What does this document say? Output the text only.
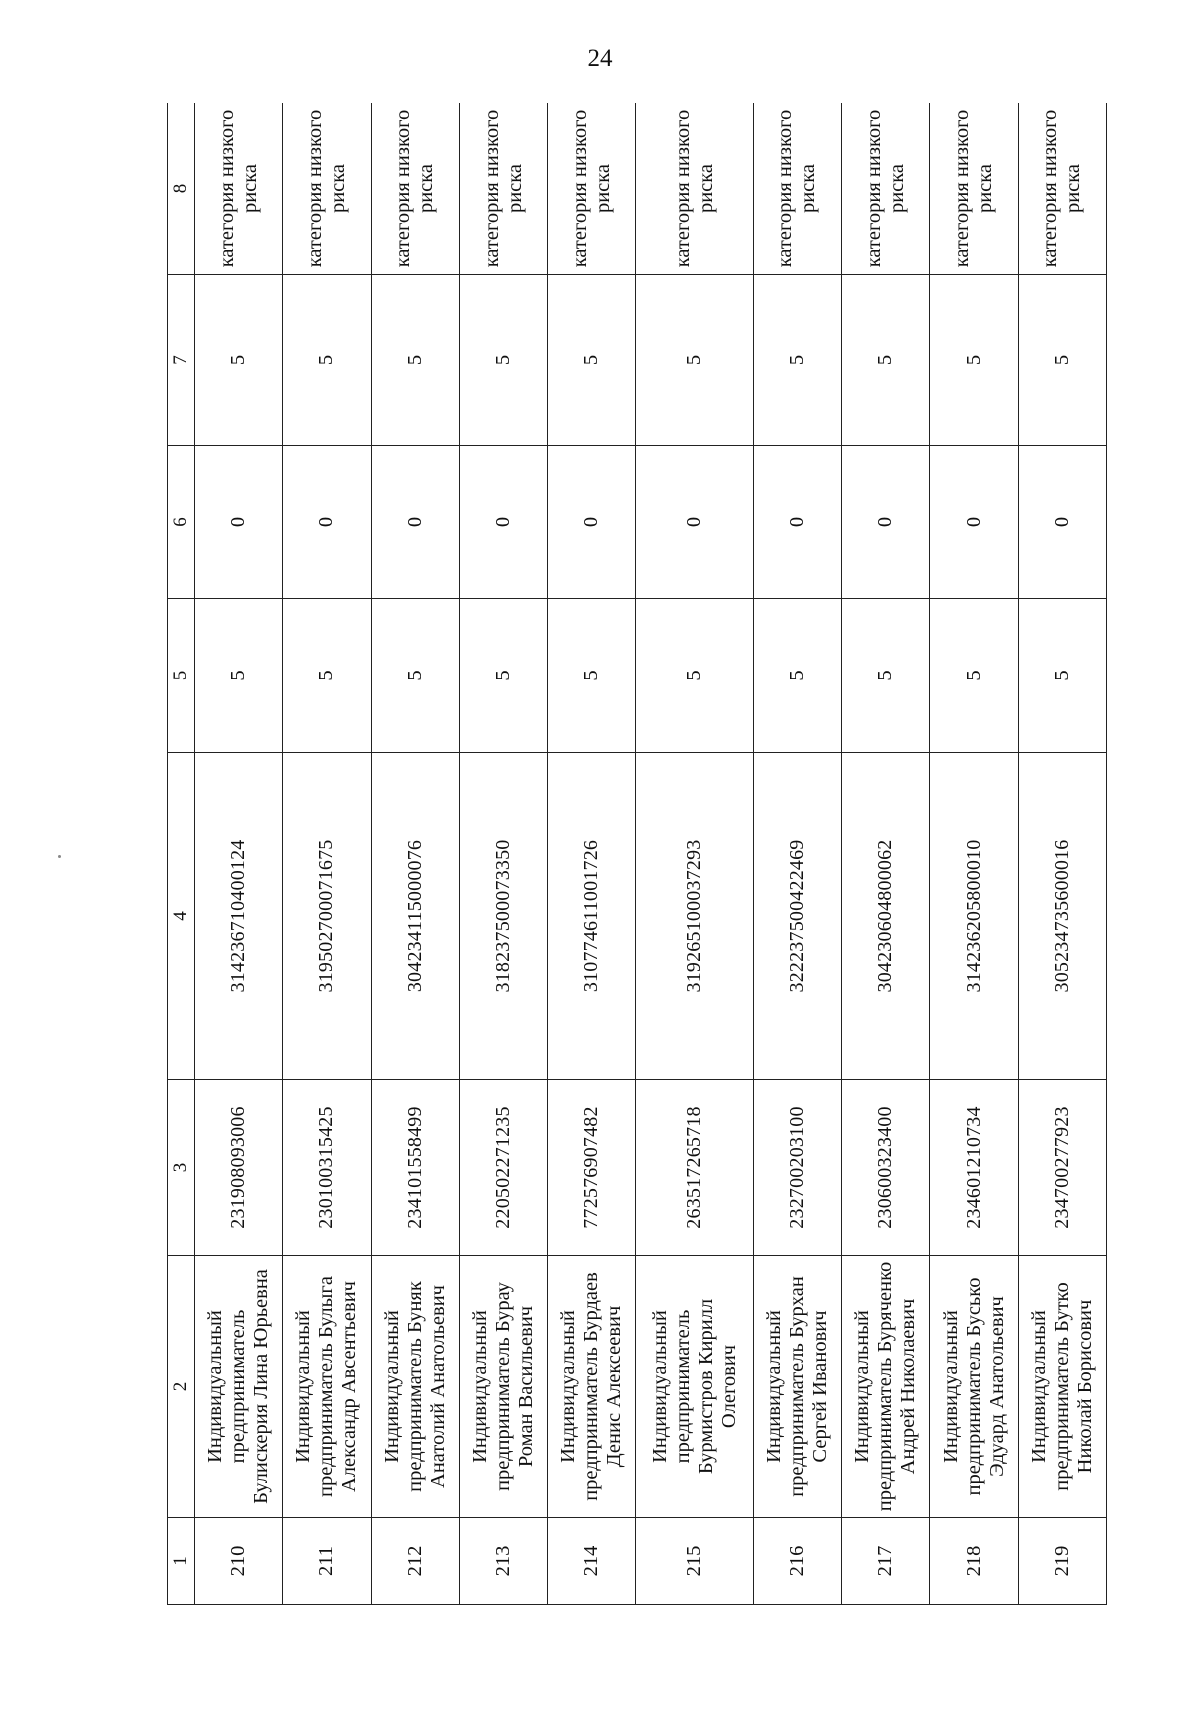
24
1	2	3	4	5	6	7	8
210	Индивидуальный предприниматель Булискерия Лина Юрьевна	231908093006	314236710400124	5	0	5	категория низкого риска
211	Индивидуальный предприниматель Булыга Александр Авсентьевич	230100315425	319502700071675	5	0	5	категория низкого риска
212	Индивидуальный предприниматель Буняк Анатолий Анатольевич	234101558499	304234115000076	5	0	5	категория низкого риска
213	Индивидуальный предприниматель Бурау Роман Васильевич	220502271235	318237500073350	5	0	5	категория низкого риска
214	Индивидуальный предприниматель Бурдаев Денис Алексеевич	772576907482	310774611001726	5	0	5	категория низкого риска
215	Индивидуальный предприниматель Бурмистров Кирилл Олегович	263517265718	319265100037293	5	0	5	категория низкого риска
216	Индивидуальный предприниматель Бурхан Сергей Иванович	232700203100	322237500422469	5	0	5	категория низкого риска
217	Индивидуальный предприниматель Буряченко Андрей Николаевич	230600323400	304230604800062	5	0	5	категория низкого риска
218	Индивидуальный предприниматель Бусько Эдуард Анатольевич	234601210734	314236205800010	5	0	5	категория низкого риска
219	Индивидуальный предприниматель Бутко Николай Борисович	234700277923	305234735600016	5	0	5	категория низкого риска
